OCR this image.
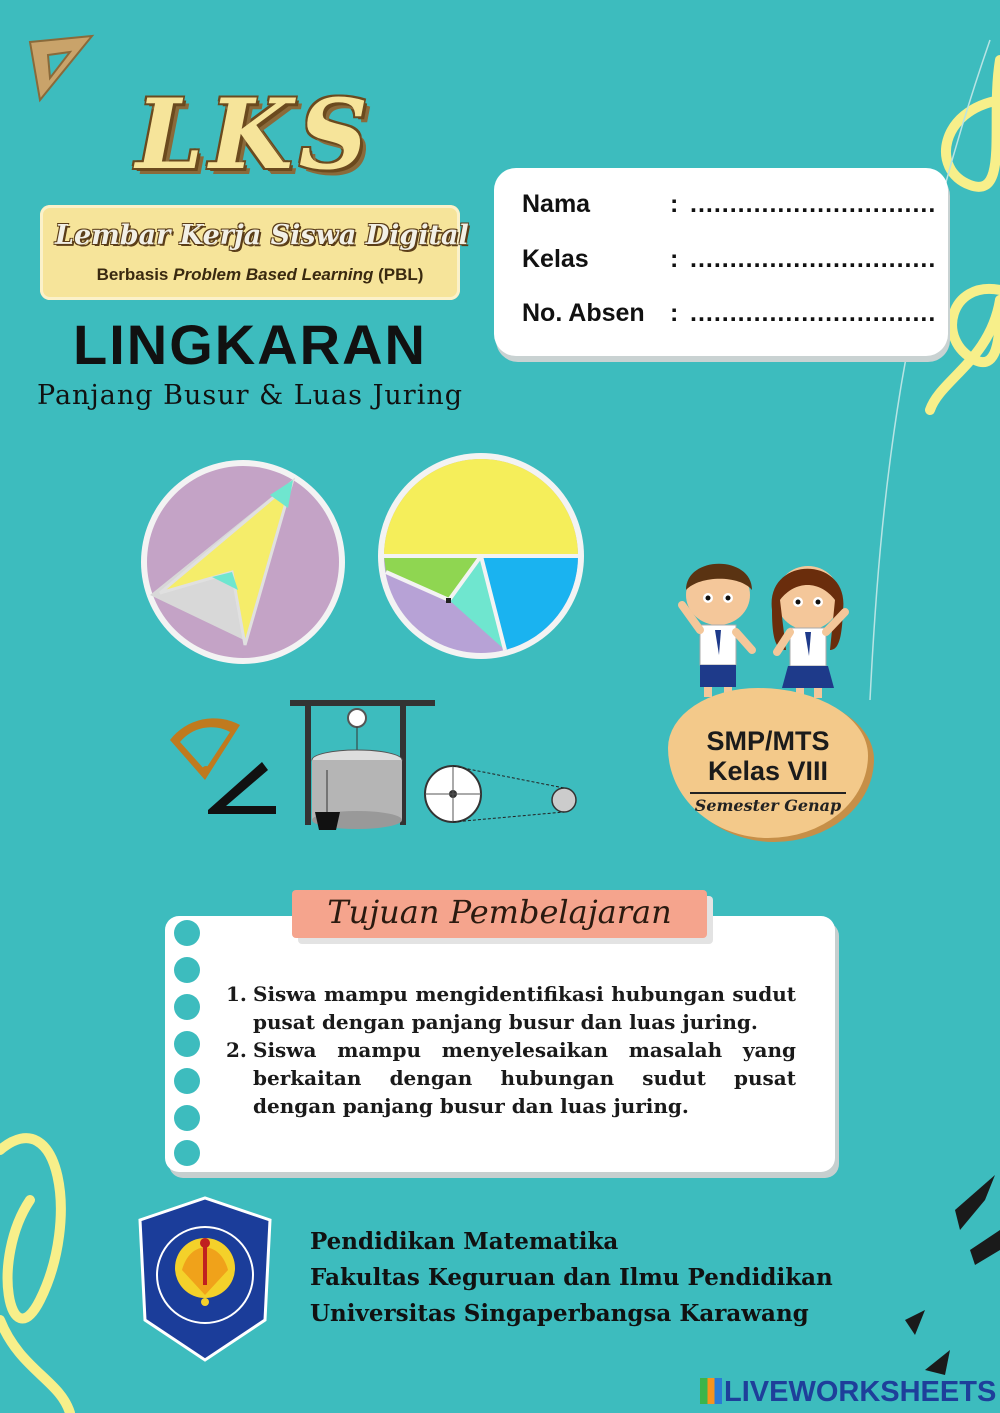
LKS
Lembar Kerja Siswa Digital
Berbasis Problem Based Learning (PBL)
LINGKARAN
Panjang Busur & Luas Juring
Nama	: ...............................
Kelas	: ...............................
No. Absen : ...............................
SMP/MTS
Kelas VIII
Semester Genap
Tujuan Pembelajaran
1. Siswa mampu mengidentifikasi hubungan sudut pusat dengan panjang busur dan luas juring.
2. Siswa mampu menyelesaikan masalah yang berkaitan dengan hubungan sudut pusat dengan panjang busur dan luas juring.
Pendidikan Matematika
Fakultas Keguruan dan Ilmu Pendidikan
Universitas Singaperbangsa Karawang
LIVEWORKSHEETS
